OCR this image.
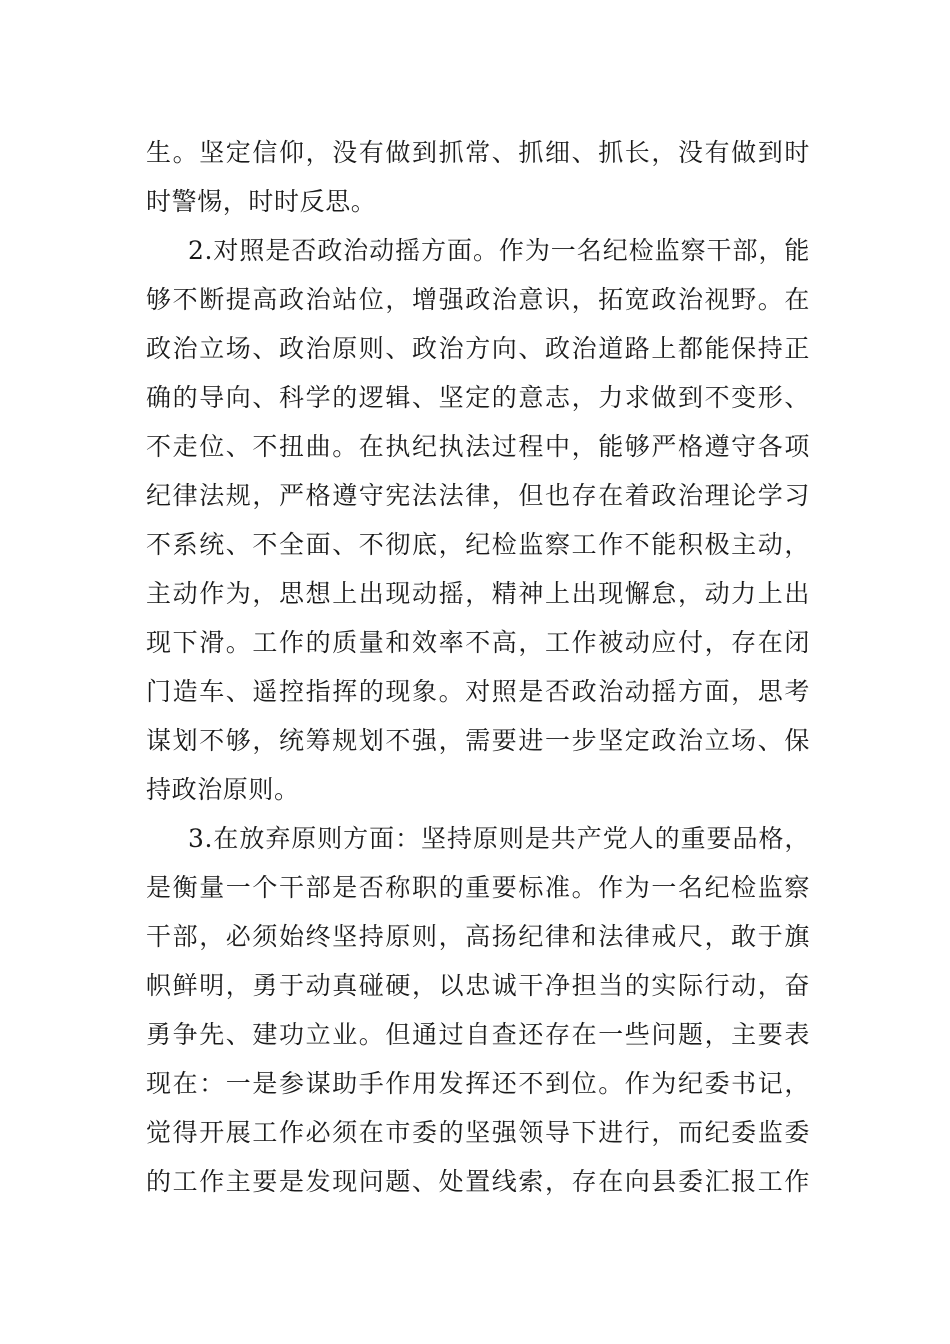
生。坚定信仰，没有做到抓常、抓细、抓长，没有做到时
时警惕，时时反思。
2.对照是否政治动摇方面。作为一名纪检监察干部，能
够不断提高政治站位，增强政治意识，拓宽政治视野。在
政治立场、政治原则、政治方向、政治道路上都能保持正
确的导向、科学的逻辑、坚定的意志，力求做到不变形、
不走位、不扭曲。在执纪执法过程中，能够严格遵守各项
纪律法规，严格遵守宪法法律，但也存在着政治理论学习
不系统、不全面、不彻底，纪检监察工作不能积极主动，
主动作为，思想上出现动摇，精神上出现懈怠，动力上出
现下滑。工作的质量和效率不高，工作被动应付，存在闭
门造车、遥控指挥的现象。对照是否政治动摇方面，思考
谋划不够，统筹规划不强，需要进一步坚定政治立场、保
持政治原则。
3.在放弃原则方面：坚持原则是共产党人的重要品格，
是衡量一个干部是否称职的重要标准。作为一名纪检监察
干部，必须始终坚持原则，高扬纪律和法律戒尺，敢于旗
帜鲜明，勇于动真碰硬，以忠诚干净担当的实际行动，奋
勇争先、建功立业。但通过自查还存在一些问题，主要表
现在：一是参谋助手作用发挥还不到位。作为纪委书记，
觉得开展工作必须在市委的坚强领导下进行，而纪委监委
的工作主要是发现问题、处置线索，存在向县委汇报工作
